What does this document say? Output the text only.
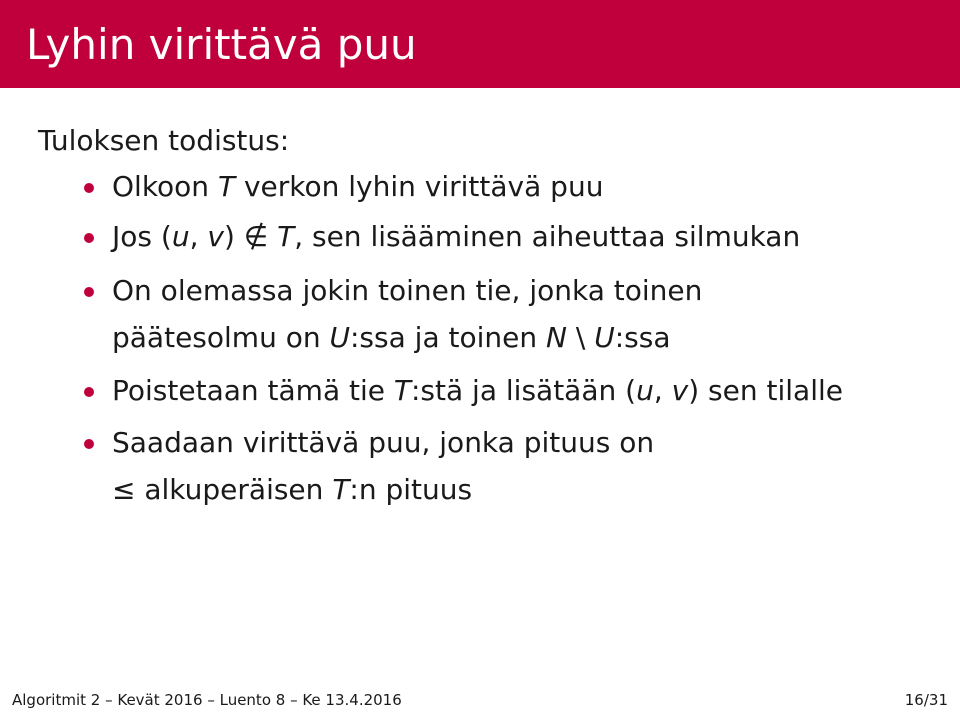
Lyhin virittävä puu
Tuloksen todistus:
Olkoon T verkon lyhin virittävä puu
Jos (u, v) ∉ T, sen lisääminen aiheuttaa silmukan
On olemassa jokin toinen tie, jonka toinen
päätesolmu on U:ssa ja toinen N \ U:ssa
Poistetaan tämä tie T:stä ja lisätään (u, v) sen tilalle
Saadaan virittävä puu, jonka pituus on
≤ alkuperäisen T:n pituus
Algoritmit 2 – Kevät 2016 – Luento 8 – Ke 13.4.2016	16/31
